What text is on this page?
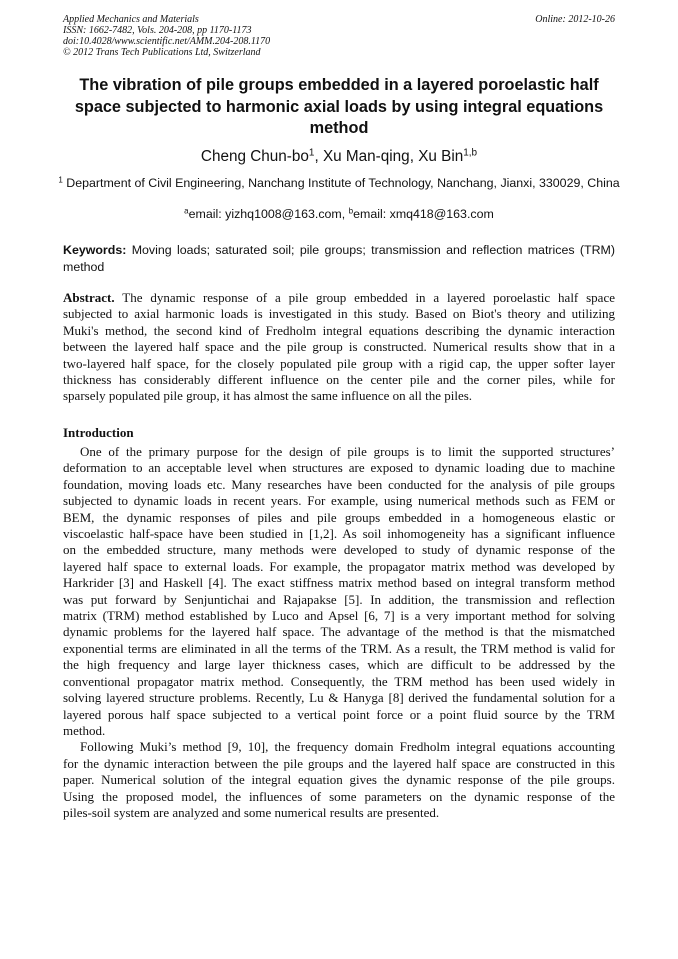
Applied Mechanics and Materials
ISSN: 1662-7482, Vols. 204-208, pp 1170-1173
doi:10.4028/www.scientific.net/AMM.204-208.1170
© 2012 Trans Tech Publications Ltd, Switzerland
Online: 2012-10-26
The vibration of pile groups embedded in a layered poroelastic half space subjected to harmonic axial loads by using integral equations method
Cheng Chun-$bo^1$, Xu Man-qing, Xu Bin$^{1,b}$
$^1$ Department of Civil Engineering, Nanchang Institute of Technology, Nanchang, Jianxi, 330029, China
$^a$email: yizhq1008@163.com, $^b$email: xmq418@163.com
Keywords: Moving loads; saturated soil; pile groups; transmission and reflection matrices (TRM)
method
Abstract. The dynamic response of a pile group embedded in a layered poroelastic half space
subjected to axial harmonic loads is investigated in this study. Based on Biot's theory and utilizing
Muki's method, the second kind of Fredholm integral equations describing the dynamic interaction
between the layered half space and the pile group is constructed. Numerical results show that in a
two-layered half space, for the closely populated pile group with a rigid cap, the upper softer layer
thickness has considerably different influence on the center pile and the corner piles, while for
sparsely populated pile group, it has almost the same influence on all the piles.
Introduction
One of the primary purpose for the design of pile groups is to limit the supported structures’
deformation to an acceptable level when structures are exposed to dynamic loading due to machine
foundation, moving loads etc. Many researches have been conducted for the analysis of pile groups
subjected to dynamic loads in recent years. For example, using numerical methods such as FEM or
BEM, the dynamic responses of piles and pile groups embedded in a homogeneous elastic or
viscoelastic half-space have been studied in [1,2]. As soil inhomogeneity has a significant influence
on the embedded structure, many methods were developed to study of dynamic response of the
layered half space to external loads. For example, the propagator matrix method was developed by
Harkrider [3] and Haskell [4]. The exact stiffness matrix method based on integral transform method
was put forward by Senjuntichai and Rajapakse [5]. In addition, the transmission and reflection
matrix (TRM) method established by Luco and Apsel [6, 7] is a very important method for solving
dynamic problems for the layered half space. The advantage of the method is that the mismatched
exponential terms are eliminated in all the terms of the TRM. As a result, the TRM method is valid for
the high frequency and large layer thickness cases, which are difficult to be addressed by the
conventional propagator matrix method. Consequently, the TRM method has been used widely in
solving layered structure problems. Recently, Lu & Hanyga [8] derived the fundamental solution for a
layered porous half space subjected to a vertical point force or a point fluid source by the TRM
method.
Following Muki’s method [9, 10], the frequency domain Fredholm integral equations accounting
for the dynamic interaction between the pile groups and the layered half space are constructed in this
paper. Numerical solution of the integral equation gives the dynamic response of the pile groups.
Using the proposed model, the influences of some parameters on the dynamic response of the
piles-soil system are analyzed and some numerical results are presented.
